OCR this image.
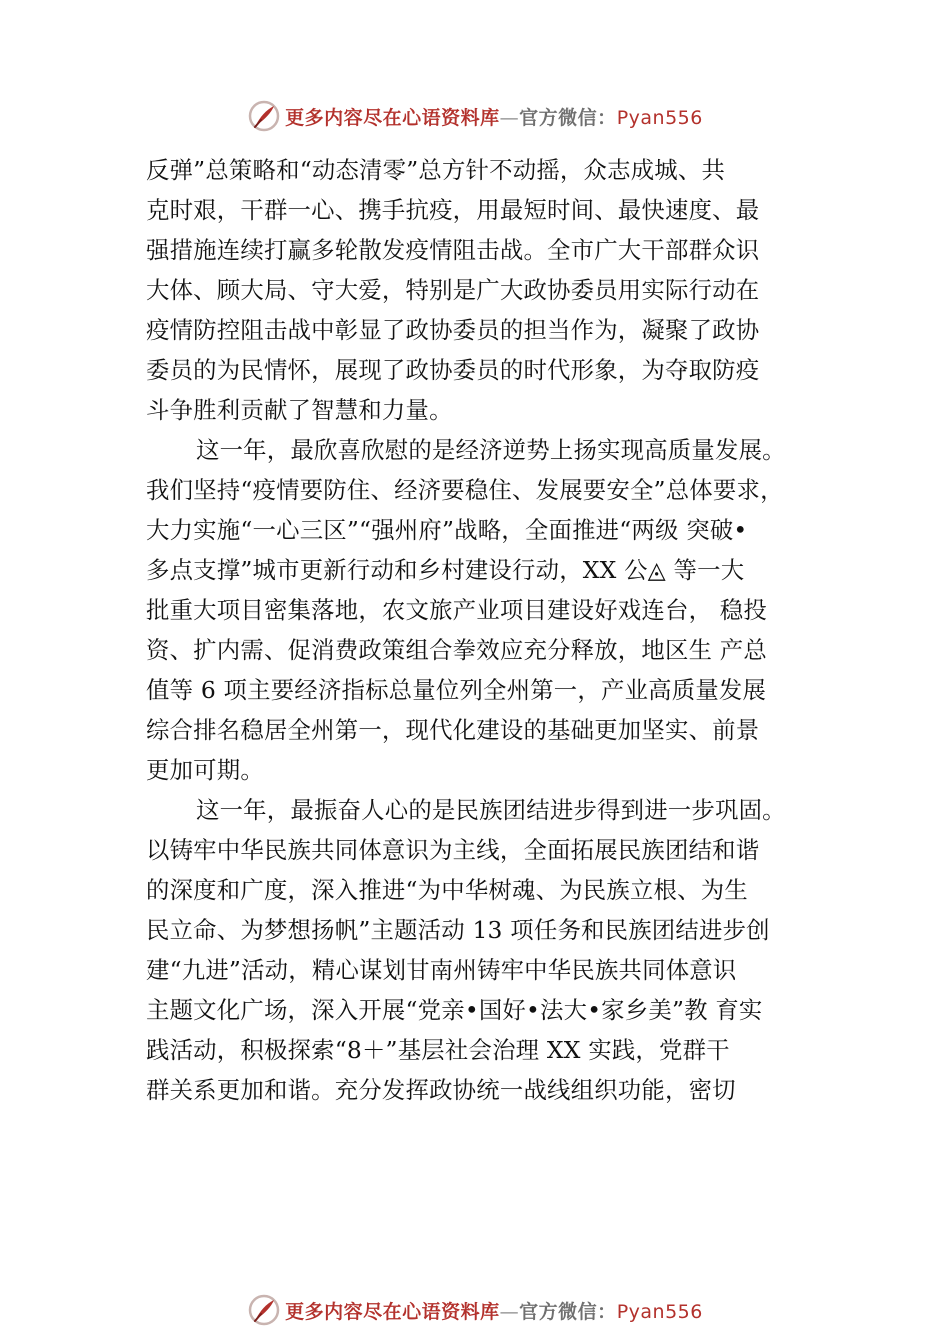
更多内容尽在心语资料库—官方微信：Pyan556
反弹”总策略和“动态清零”总方针不动摇，众志成城、共
克时艰，干群一心、携手抗疫，用最短时间、最快速度、最
强措施连续打赢多轮散发疫情阻击战。全市广大干部群众识
大体、顾大局、守大爱，特别是广大政协委员用实际行动在
疫情防控阻击战中彰显了政协委员的担当作为，凝聚了政协
委员的为民情怀，展现了政协委员的时代形象，为夺取防疫
斗争胜利贡献了智慧和力量。
这一年，最欣喜欣慰的是经济逆势上扬实现高质量发展。
我们坚持“疫情要防住、经济要稳住、发展要安全”总体要求，
大力实施“一心三区”“强州府”战略，全面推进“两级 突破•
多点支撑”城市更新行动和乡村建设行动，XX 公◬ 等一大
批重大项目密集落地，农文旅产业项目建设好戏连台， 稳投
资、扩内需、促消费政策组合拳效应充分释放，地区生 产总
值等 6 项主要经济指标总量位列全州第一，产业高质量发展
综合排名稳居全州第一，现代化建设的基础更加坚实、前景
更加可期。
这一年，最振奋人心的是民族团结进步得到进一步巩固。
以铸牢中华民族共同体意识为主线，全面拓展民族团结和谐
的深度和广度，深入推进“为中华树魂、为民族立根、为生
民立命、为梦想扬帆”主题活动 13 项任务和民族团结进步创
建“九进”活动，精心谋划甘南州铸牢中华民族共同体意识
主题文化广场，深入开展“党亲•国好•法大•家乡美”教 育实
践活动，积极探索“8＋”基层社会治理 XX 实践，党群干
群关系更加和谐。充分发挥政协统一战线组织功能，密切
更多内容尽在心语资料库—官方微信：Pyan556
